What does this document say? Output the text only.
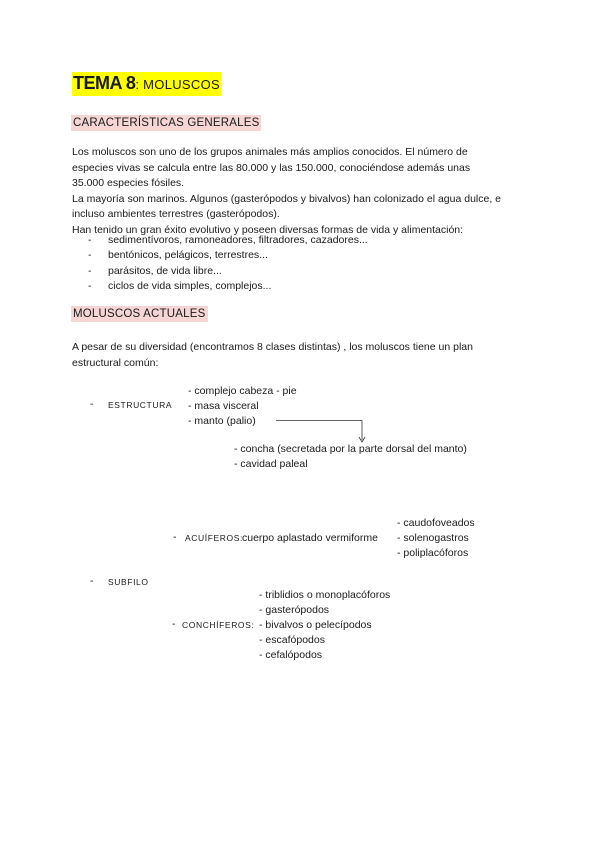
TEMA 8: MOLUSCOS
CARACTERÍSTICAS GENERALES
Los moluscos son uno de los grupos animales más amplios conocidos. El número de
especies vivas se calcula entre las 80.000 y las 150.000, conociéndose además unas
35.000 especies fósiles.
La mayoría son marinos. Algunos (gasterópodos y bivalvos) han colonizado el agua dulce, e
incluso ambientes terrestres (gasterópodos).
Han tenido un gran éxito evolutivo y poseen diversas formas de vida y alimentación:
- sedimentívoros, ramoneadores, filtradores, cazadores...
- bentónicos, pelágicos, terrestres...
- parásitos, de vida libre...
- ciclos de vida simples, complejos...
MOLUSCOS ACTUALES
A pesar de su diversidad (encontramos 8 clases distintas) , los moluscos tiene un plan
estructural común:
- ESTRUCTURA
- complejo cabeza - pie
- masa visceral
- manto (palio)
- concha (secretada por la parte dorsal del manto)
- cavidad paleal
- caudofoveados
- solenogastros
- poliplacóforos
- ACUÍFEROS: cuerpo aplastado vermiforme
- SUBFILO
- triblidios o monoplacóforos
- gasterópodos
- bivalvos o pelecípodos
- escafópodos
- cefalópodos
- CONCHÍFEROS:
